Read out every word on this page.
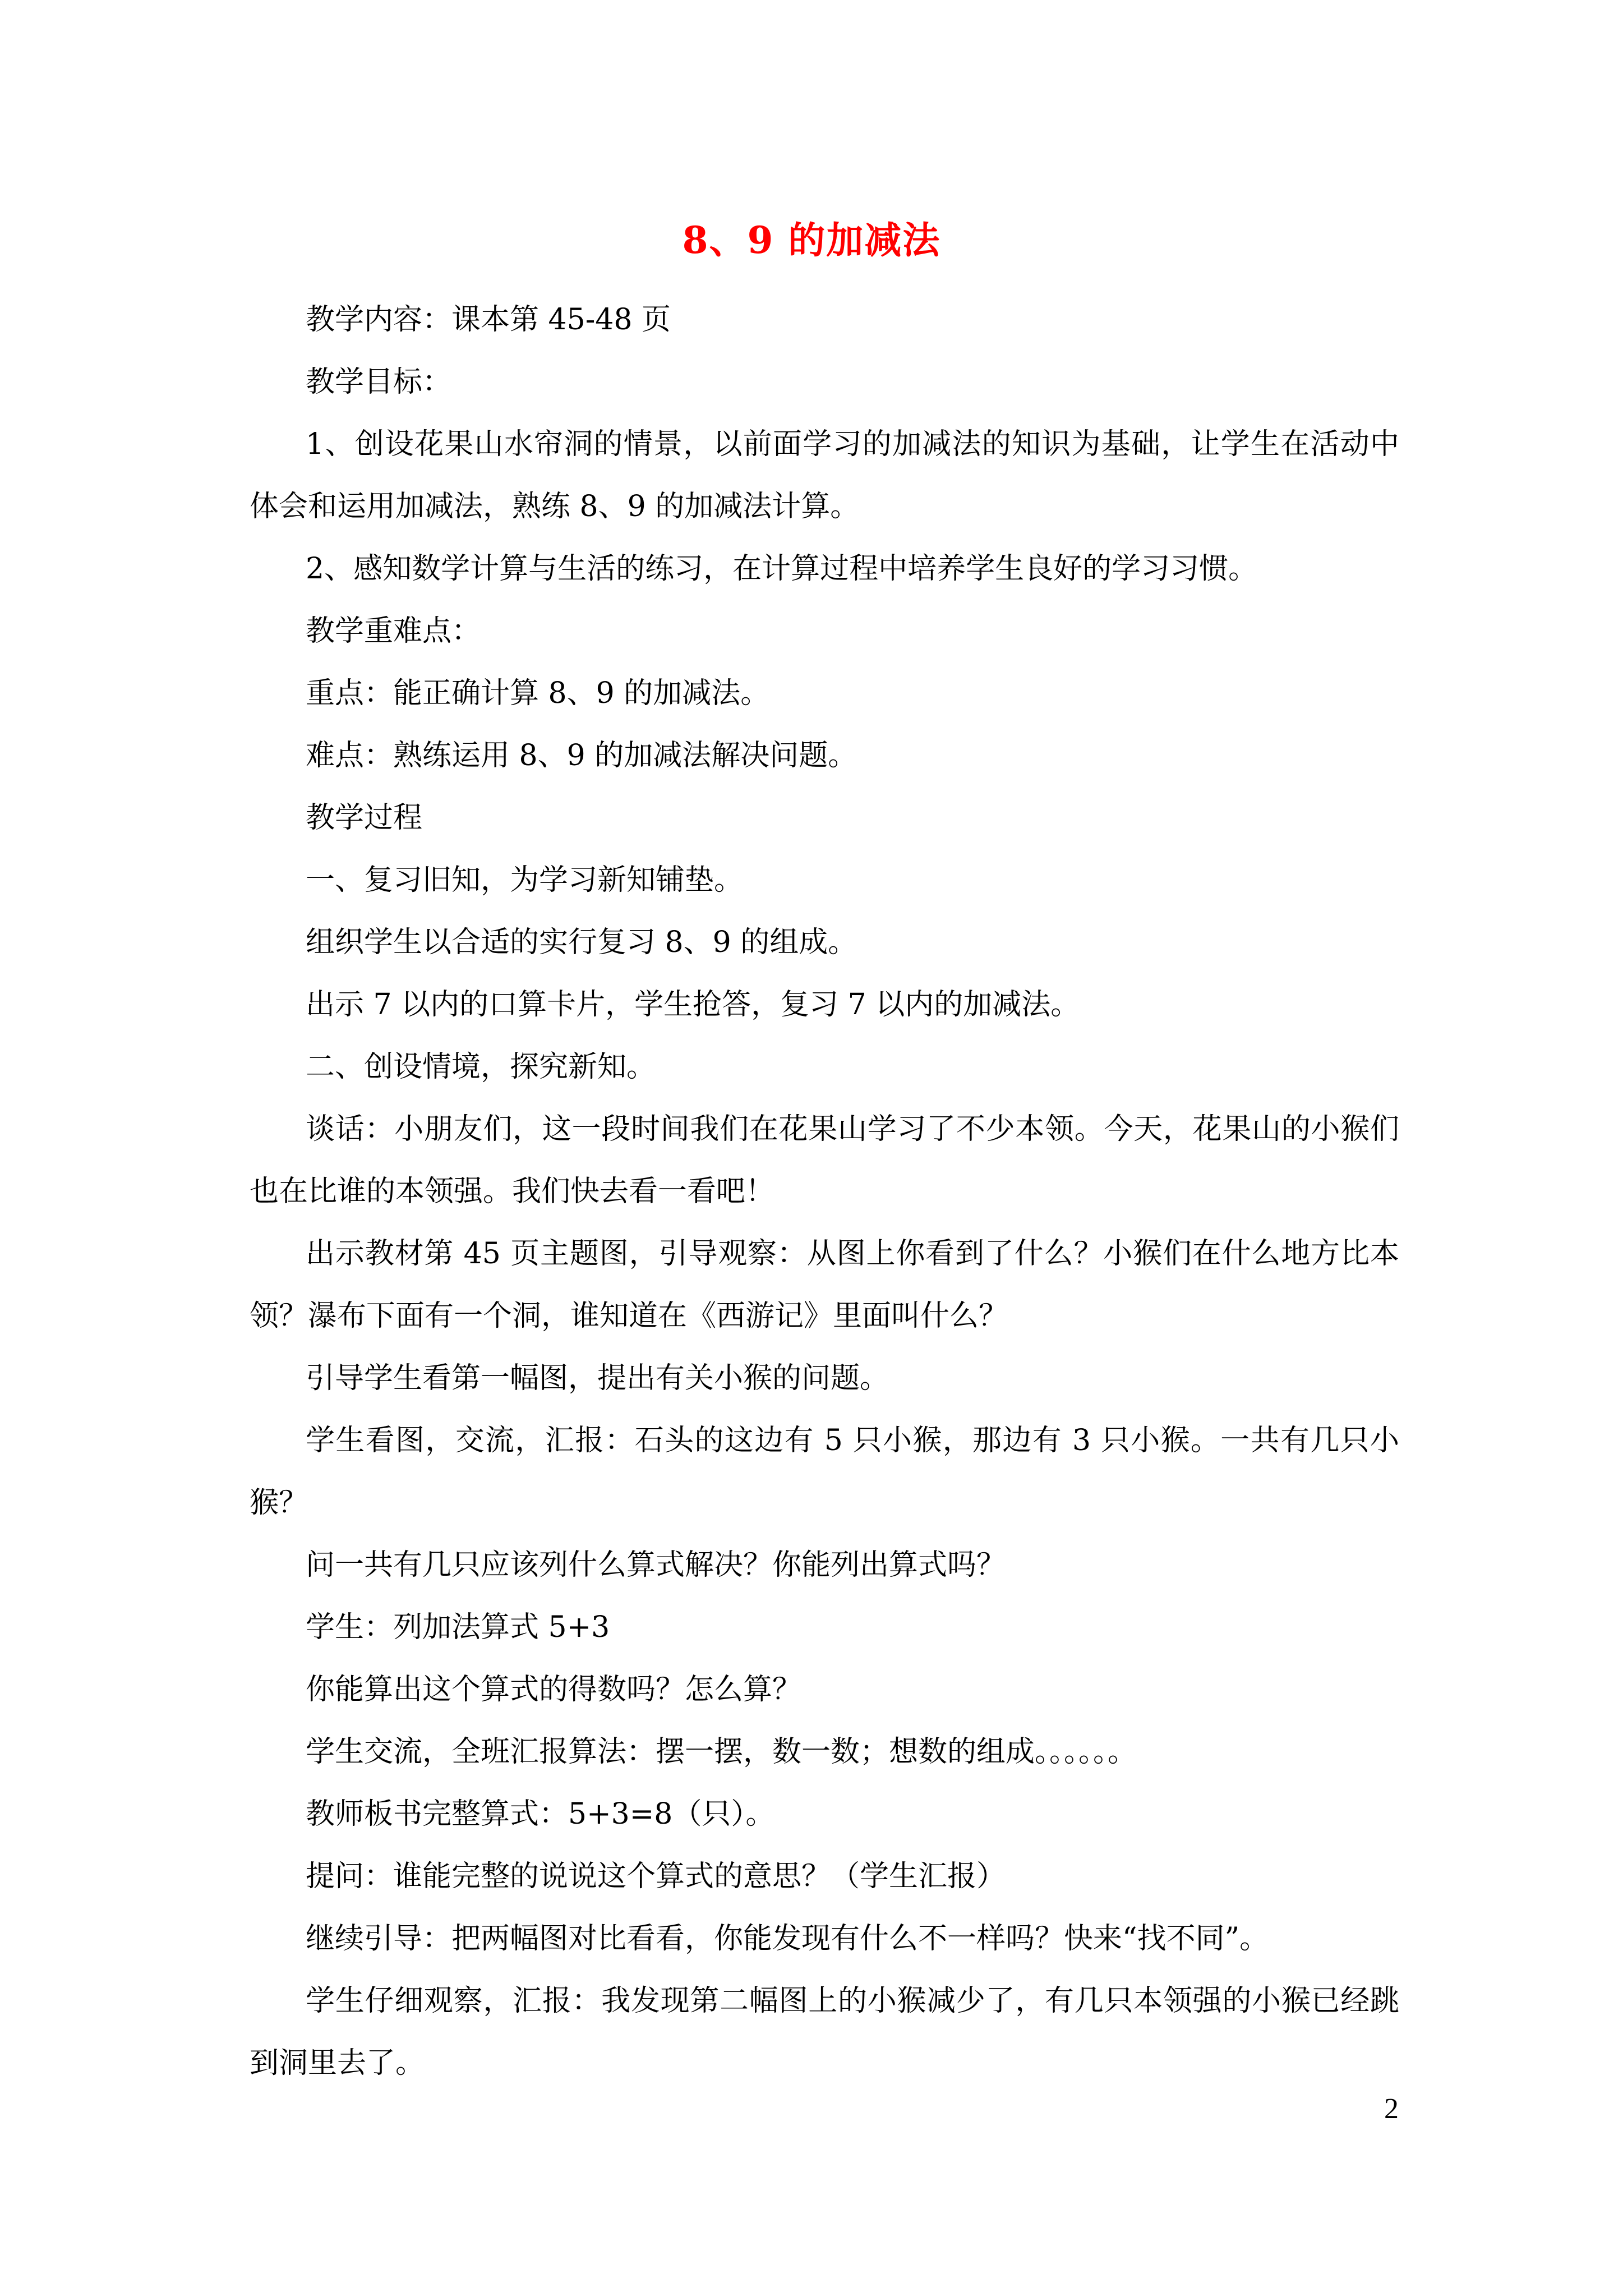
8、9 的加减法

教学内容：课本第 45-48 页

教学目标：

1、创设花果山水帘洞的情景，以前面学习的加减法的知识为基础，让学生在活动中体会和运用加减法，熟练 8、9 的加减法计算。

2、感知数学计算与生活的练习，在计算过程中培养学生良好的学习习惯。

教学重难点：

重点：能正确计算 8、9 的加减法。

难点：熟练运用 8、9 的加减法解决问题。

教学过程

一、复习旧知，为学习新知铺垫。

组织学生以合适的实行复习 8、9 的组成。

出示 7 以内的口算卡片，学生抢答，复习 7 以内的加减法。

二、创设情境，探究新知。

谈话：小朋友们，这一段时间我们在花果山学习了不少本领。今天，花果山的小猴们也在比谁的本领强。我们快去看一看吧！

出示教材第 45 页主题图，引导观察：从图上你看到了什么？小猴们在什么地方比本领？瀑布下面有一个洞，谁知道在《西游记》里面叫什么？

引导学生看第一幅图，提出有关小猴的问题。

学生看图，交流，汇报：石头的这边有 5 只小猴，那边有 3 只小猴。一共有几只小猴？

问一共有几只应该列什么算式解决？你能列出算式吗？

学生：列加法算式 5+3

你能算出这个算式的得数吗？怎么算？

学生交流，全班汇报算法：摆一摆，数一数；想数的组成。。。。。。

教师板书完整算式：5+3=8（只）。

提问：谁能完整的说说这个算式的意思？（学生汇报）

继续引导：把两幅图对比看看，你能发现有什么不一样吗？快来“找不同”。

学生仔细观察，汇报：我发现第二幅图上的小猴减少了，有几只本领强的小猴已经跳到洞里去了。

2
